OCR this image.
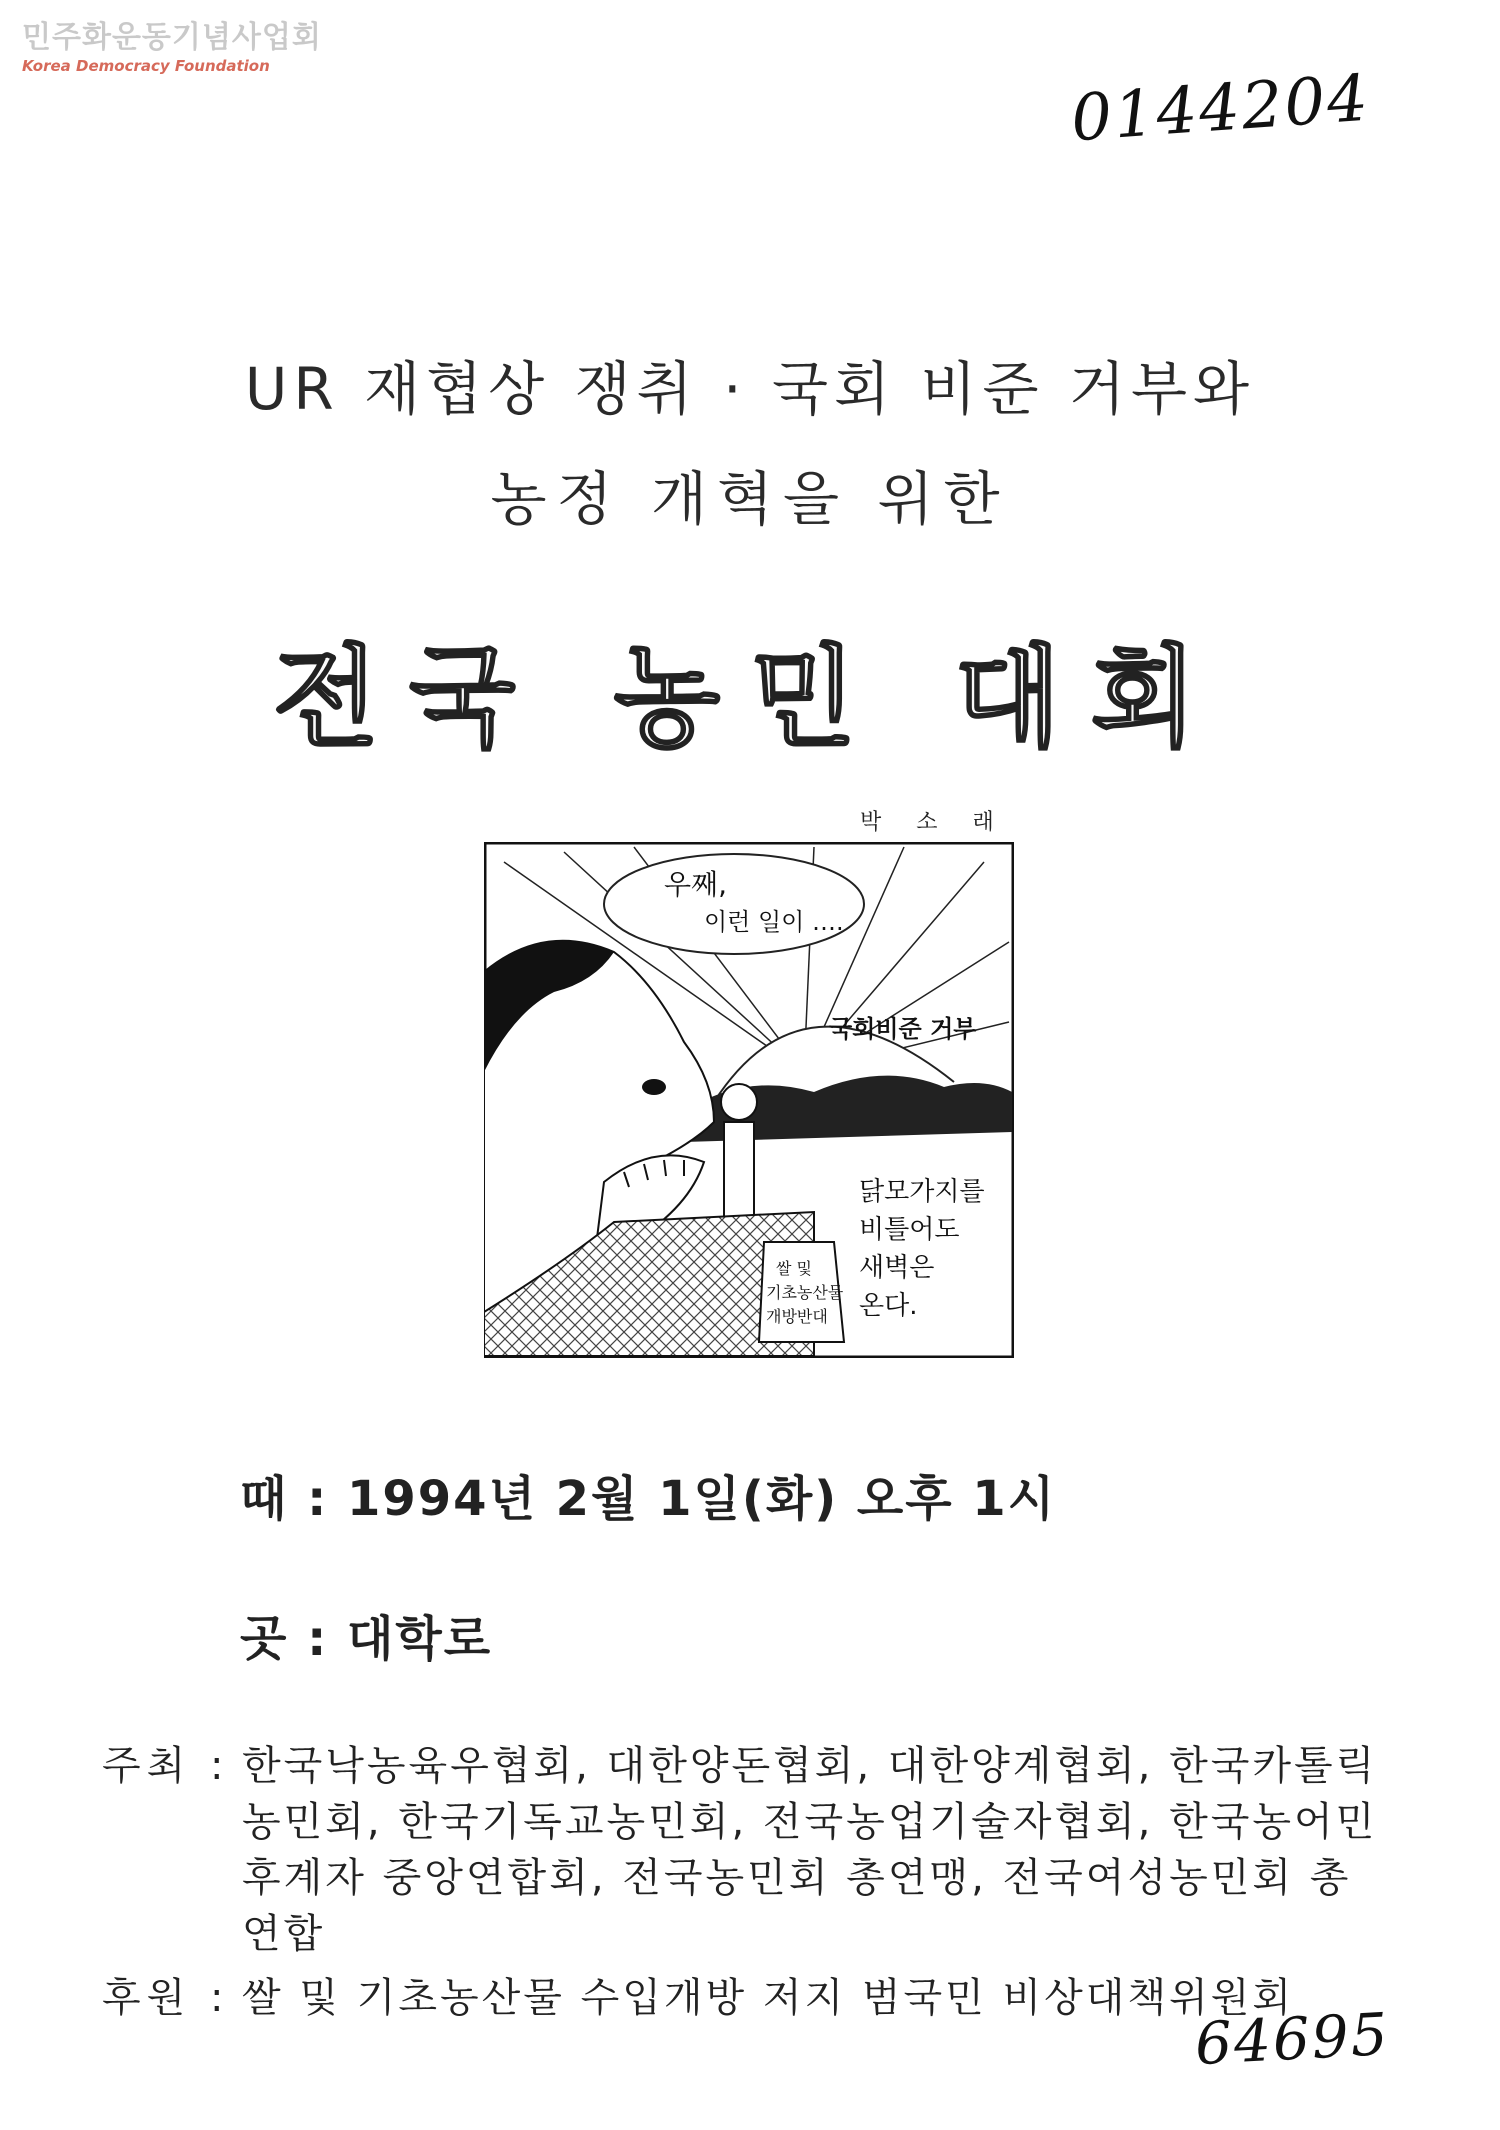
민주화운동기념사업회
Korea Democracy Foundation	0144204
UR 재협상 쟁취 · 국회 비준 거부와
농정 개혁을 위한
전국 농민 대회
박 소 래
우째,
이런 일이 ….
국회비준 거부
쌀 및
기초농산물
개방반대
닭모가지를
비틀어도
새벽은
온다.
때 : 1994년 2월 1일(화) 오후 1시
곳 : 대학로
주최 : 한국낙농육우협회, 대한양돈협회, 대한양계협회, 한국카톨릭농민회, 한국기독교농민회, 전국농업기술자협회, 한국농어민후계자 중앙연합회, 전국농민회 총연맹, 전국여성농민회 총연합
후원 : 쌀 및 기초농산물 수입개방 저지 범국민 비상대책위원회
64695
